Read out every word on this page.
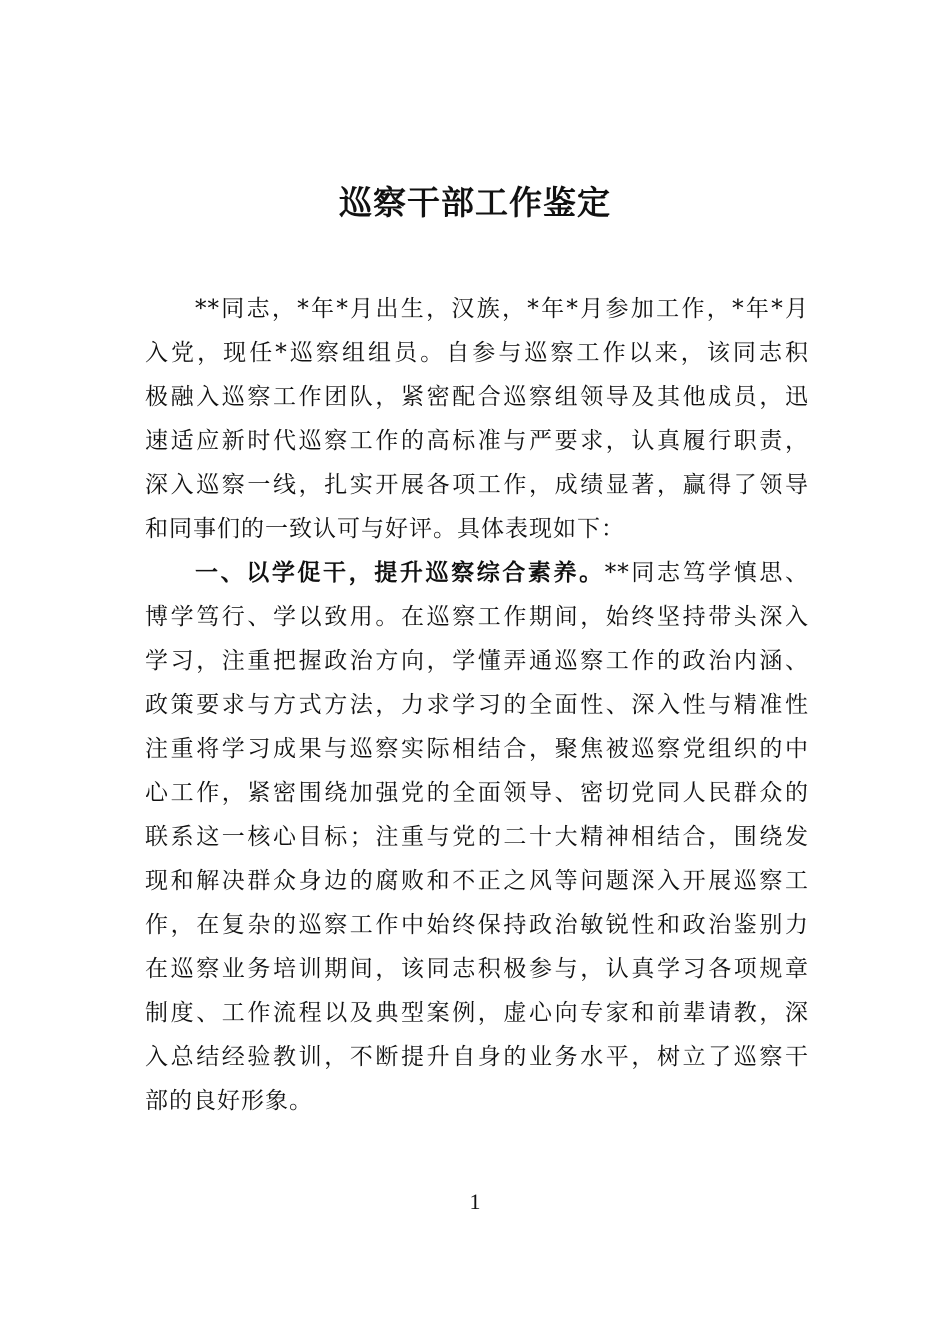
巡察干部工作鉴定
**同志，*年*月出生，汉族，*年*月参加工作，*年*月
入党，现任*巡察组组员。自参与巡察工作以来，该同志积
极融入巡察工作团队，紧密配合巡察组领导及其他成员，迅
速适应新时代巡察工作的高标准与严要求，认真履行职责，
深入巡察一线，扎实开展各项工作，成绩显著，赢得了领导
和同事们的一致认可与好评。具体表现如下：
一、以学促干，提升巡察综合素养。**同志笃学慎思、
博学笃行、学以致用。在巡察工作期间，始终坚持带头深入
学习，注重把握政治方向，学懂弄通巡察工作的政治内涵、
政策要求与方式方法，力求学习的全面性、深入性与精准性
注重将学习成果与巡察实际相结合，聚焦被巡察党组织的中
心工作，紧密围绕加强党的全面领导、密切党同人民群众的
联系这一核心目标；注重与党的二十大精神相结合，围绕发
现和解决群众身边的腐败和不正之风等问题深入开展巡察工
作，在复杂的巡察工作中始终保持政治敏锐性和政治鉴别力
在巡察业务培训期间，该同志积极参与，认真学习各项规章
制度、工作流程以及典型案例，虚心向专家和前辈请教，深
入总结经验教训，不断提升自身的业务水平，树立了巡察干
部的良好形象。
1
